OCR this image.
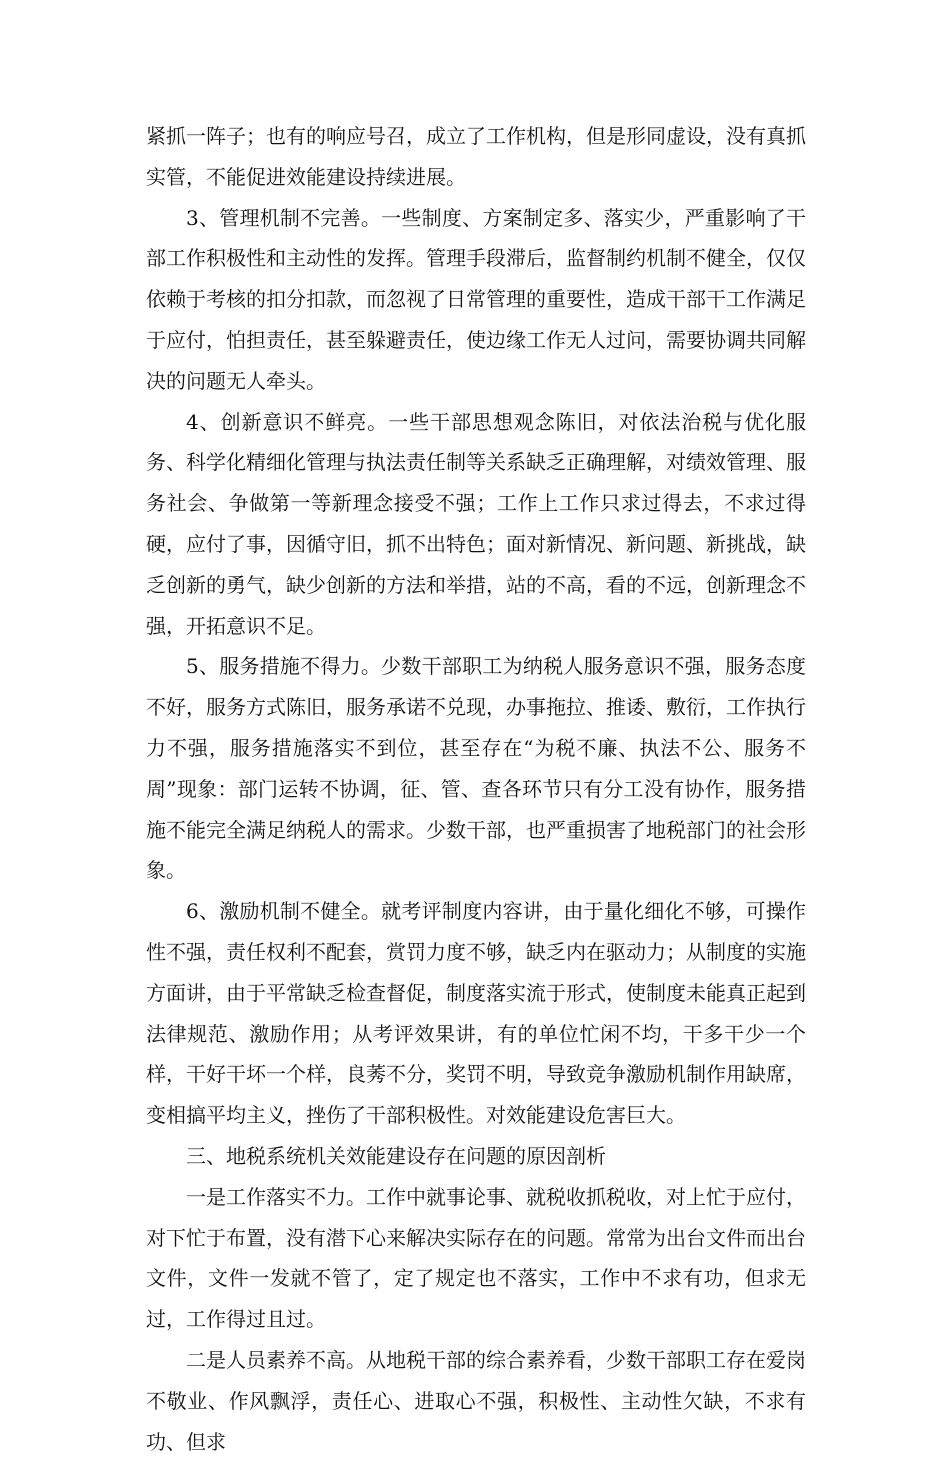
紧抓一阵子；也有的响应号召，成立了工作机构，但是形同虚设，没有真抓实管，不能促进效能建设持续进展。

3、管理机制不完善。一些制度、方案制定多、落实少，严重影响了干部工作积极性和主动性的发挥。管理手段滞后，监督制约机制不健全，仅仅依赖于考核的扣分扣款，而忽视了日常管理的重要性，造成干部干工作满足于应付，怕担责任，甚至躲避责任，使边缘工作无人过问，需要协调共同解决的问题无人牵头。

4、创新意识不鲜亮。一些干部思想观念陈旧，对依法治税与优化服务、科学化精细化管理与执法责任制等关系缺乏正确理解，对绩效管理、服务社会、争做第一等新理念接受不强；工作上工作只求过得去，不求过得硬，应付了事，因循守旧，抓不出特色；面对新情况、新问题、新挑战，缺乏创新的勇气，缺少创新的方法和举措，站的不高，看的不远，创新理念不强，开拓意识不足。

5、服务措施不得力。少数干部职工为纳税人服务意识不强，服务态度不好，服务方式陈旧，服务承诺不兑现，办事拖拉、推诿、敷衍，工作执行力不强，服务措施落实不到位，甚至存在“为税不廉、执法不公、服务不周”现象：部门运转不协调，征、管、查各环节只有分工没有协作，服务措施不能完全满足纳税人的需求。少数干部，也严重损害了地税部门的社会形象。

6、激励机制不健全。就考评制度内容讲，由于量化细化不够，可操作性不强，责任权利不配套，赏罚力度不够，缺乏内在驱动力；从制度的实施方面讲，由于平常缺乏检查督促，制度落实流于形式，使制度未能真正起到法律规范、激励作用；从考评效果讲，有的单位忙闲不均，干多干少一个样，干好干坏一个样，良莠不分，奖罚不明，导致竞争激励机制作用缺席，变相搞平均主义，挫伤了干部积极性。对效能建设危害巨大。

三、地税系统机关效能建设存在问题的原因剖析

一是工作落实不力。工作中就事论事、就税收抓税收，对上忙于应付，对下忙于布置，没有潜下心来解决实际存在的问题。常常为出台文件而出台文件，文件一发就不管了，定了规定也不落实，工作中不求有功，但求无过，工作得过且过。

二是人员素养不高。从地税干部的综合素养看，少数干部职工存在爱岗不敬业、作风飘浮，责任心、进取心不强，积极性、主动性欠缺，不求有功、但求
